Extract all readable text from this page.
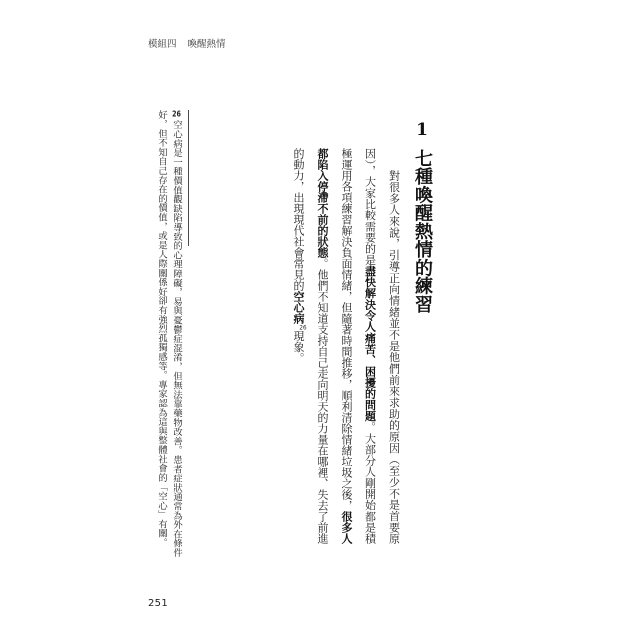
模組四 喚醒熱情
1
七種喚醒熱情的練習
對很多人來說，引導正向情緒並不是他們前來求助的原因（至少不是首要原
因），大家比較需要的是盡快解決令人痛苦、困擾的問題。大部分人剛開始都是積
極運用各項練習解決負面情緒，但隨著時間推移，順利清除情緒垃圾之後，很多人
都陷入停滯不前的狀態。他們不知道支持自己走向明天的力量在哪裡、失去了前進
的動力，出現現代社會常見的空心病26現象。
26空心病是一種價值觀缺陷導致的心理障礙，易與憂鬱症混淆，但無法靠藥物改善。患者症狀通常為外在條件
好，但不知自己存在的價值，或是人際關係好卻有強烈孤獨感等。專家認為這與整體社會的「空心」有關。
251
